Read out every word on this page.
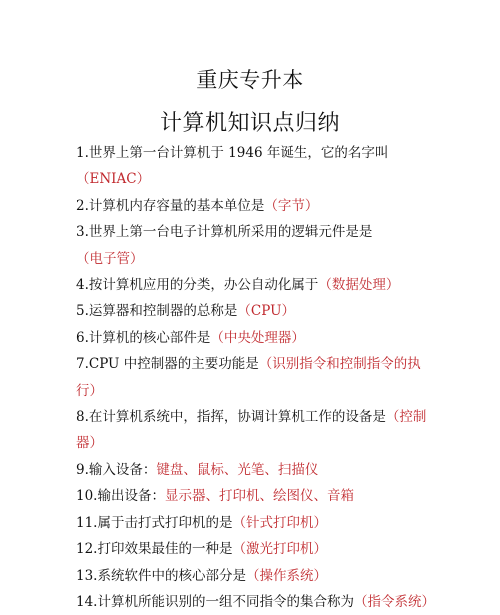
重庆专升本
计算机知识点归纳
1.世界上第一台计算机于 1946 年诞生，它的名字叫（ENIAC）
2.计算机内存容量的基本单位是（字节）
3.世界上第一台电子计算机所采用的逻辑元件是是（电子管）
4.按计算机应用的分类，办公自动化属于（数据处理）
5.运算器和控制器的总称是（CPU）
6.计算机的核心部件是（中央处理器）
7.CPU 中控制器的主要功能是（识别指令和控制指令的执行）
8.在计算机系统中，指挥，协调计算机工作的设备是（控制器）
9.输入设备：键盘、鼠标、光笔、扫描仪
10.输出设备：显示器、打印机、绘图仪、音箱
11.属于击打式打印机的是（针式打印机）
12.打印效果最佳的一种是（激光打印机）
13.系统软件中的核心部分是（操作系统）
14.计算机所能识别的一组不同指令的集合称为（指令系统）
